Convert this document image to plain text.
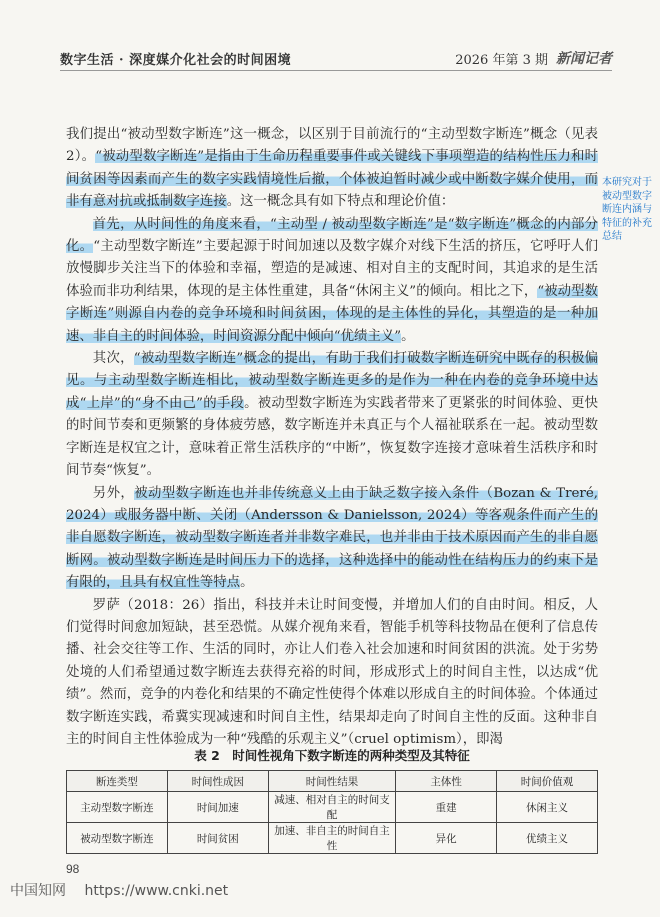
数字生活 · 深度媒介化社会的时间困境	2026 年第 3 期 新闻记者

我们提出“被动型数字断连”这一概念，以区别于目前流行的“主动型数字断连”概念（见表 2）。“被动型数字断连”是指由于生命历程重要事件或关键线下事项塑造的结构性压力和时间贫困等因素而产生的数字实践情境性后撤，个体被迫暂时减少或中断数字媒介使用，而非有意对抗或抵制数字连接。这一概念具有如下特点和理论价值：

首先，从时间性的角度来看，“主动型 / 被动型数字断连”是“数字断连”概念的内部分化。“主动型数字断连”主要起源于时间加速以及数字媒介对线下生活的挤压，它呼吁人们放慢脚步关注当下的体验和幸福，塑造的是减速、相对自主的支配时间，其追求的是生活体验而非功利结果，体现的是主体性重建，具备“休闲主义”的倾向。相比之下，“被动型数字断连”则源自内卷的竞争环境和时间贫困，体现的是主体性的异化，其塑造的是一种加速、非自主的时间体验，时间资源分配中倾向“优绩主义”。

其次，“被动型数字断连”概念的提出，有助于我们打破数字断连研究中既存的积极偏见。与主动型数字断连相比，被动型数字断连更多的是作为一种在内卷的竞争环境中达成“上岸”的“身不由己”的手段。被动型数字断连为实践者带来了更紧张的时间体验、更快的时间节奏和更频繁的身体疲劳感，数字断连并未真正与个人福祉联系在一起。被动型数字断连是权宜之计，意味着正常生活秩序的“中断”，恢复数字连接才意味着生活秩序和时间节奏“恢复”。

另外，被动型数字断连也并非传统意义上由于缺乏数字接入条件（Bozan & Treré, 2024）或服务器中断、关闭（Andersson & Danielsson, 2024）等客观条件而产生的非自愿数字断连，被动型数字断连者并非数字难民，也并非由于技术原因而产生的非自愿断网。被动型数字断连是时间压力下的选择，这种选择中的能动性在结构压力的约束下是有限的，且具有权宜性等特点。

罗萨（2018：26）指出，科技并未让时间变慢，并增加人们的自由时间。相反，人们觉得时间愈加短缺，甚至恐慌。从媒介视角来看，智能手机等科技物品在便利了信息传播、社会交往等工作、生活的同时，亦让人们卷入社会加速和时间贫困的洪流。处于劣势处境的人们希望通过数字断连去获得充裕的时间，形成形式上的时间自主性，以达成“优绩”。然而，竞争的内卷化和结果的不确定性使得个体难以形成自主的时间体验。个体通过数字断连实践，希冀实现减速和时间自主性，结果却走向了时间自主性的反面。这种非自主的时间自主性体验成为一种“残酷的乐观主义”（cruel optimism），即渴

本研究对于被动型数字断连内涵与特征的补充总结
表 2　时间性视角下数字断连的两种类型及其特征
断连类型	时间性成因	时间性结果	主体性	时间价值观
主动型数字断连	时间加速	减速、相对自主的时间支配	重建	休闲主义
被动型数字断连	时间贫困	加速、非自主的时间自主性	异化	优绩主义
98
中国知网 https://www.cnki.net
